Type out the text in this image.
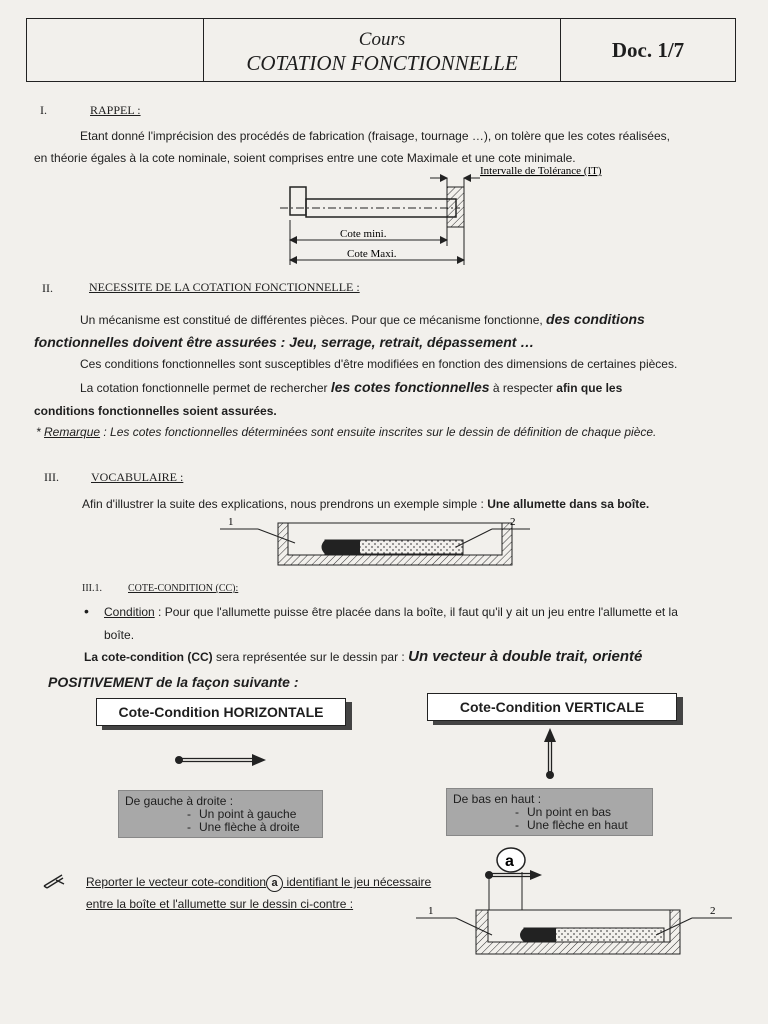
Cours
COTATION FONCTIONNELLE
Doc. 1/7
I.	RAPPEL :
Etant donné l'imprécision des procédés de fabrication (fraisage, tournage …), on tolère que les cotes réalisées,
en théorie égales à la cote nominale, soient comprises entre une cote Maximale et une cote minimale.
Intervalle de Tolérance (IT)
Cote mini.
Cote Maxi.
II.	NECESSITE DE LA COTATION FONCTIONNELLE :
Un mécanisme est constitué de différentes pièces. Pour que ce mécanisme fonctionne, des conditions
fonctionnelles doivent être assurées : Jeu, serrage, retrait, dépassement …
Ces conditions fonctionnelles sont susceptibles d'être modifiées en fonction des dimensions de certaines pièces.
La cotation fonctionnelle permet de rechercher les cotes fonctionnelles à respecter afin que les
conditions fonctionnelles soient assurées.
* Remarque : Les cotes fonctionnelles déterminées sont ensuite inscrites sur le dessin de définition de chaque pièce.
III.	VOCABULAIRE :
Afin d'illustrer la suite des explications, nous prendrons un exemple simple : Une allumette dans sa boîte.
1	2
III.1.	COTE-CONDITION (CC):
• Condition : Pour que l'allumette puisse être placée dans la boîte, il faut qu'il y ait un jeu entre l'allumette et la
boîte.
La cote-condition (CC) sera représentée sur le dessin par : Un vecteur à double trait, orienté
POSITIVEMENT de la façon suivante :
Cote-Condition HORIZONTALE	Cote-Condition VERTICALE
De gauche à droite :
- Un point à gauche
- Une flèche à droite
De bas en haut :
- Un point en bas
- Une flèche en haut
Reporter le vecteur cote-condition a identifiant le jeu nécessaire
entre la boîte et l'allumette sur le dessin ci-contre :
a
1	2
